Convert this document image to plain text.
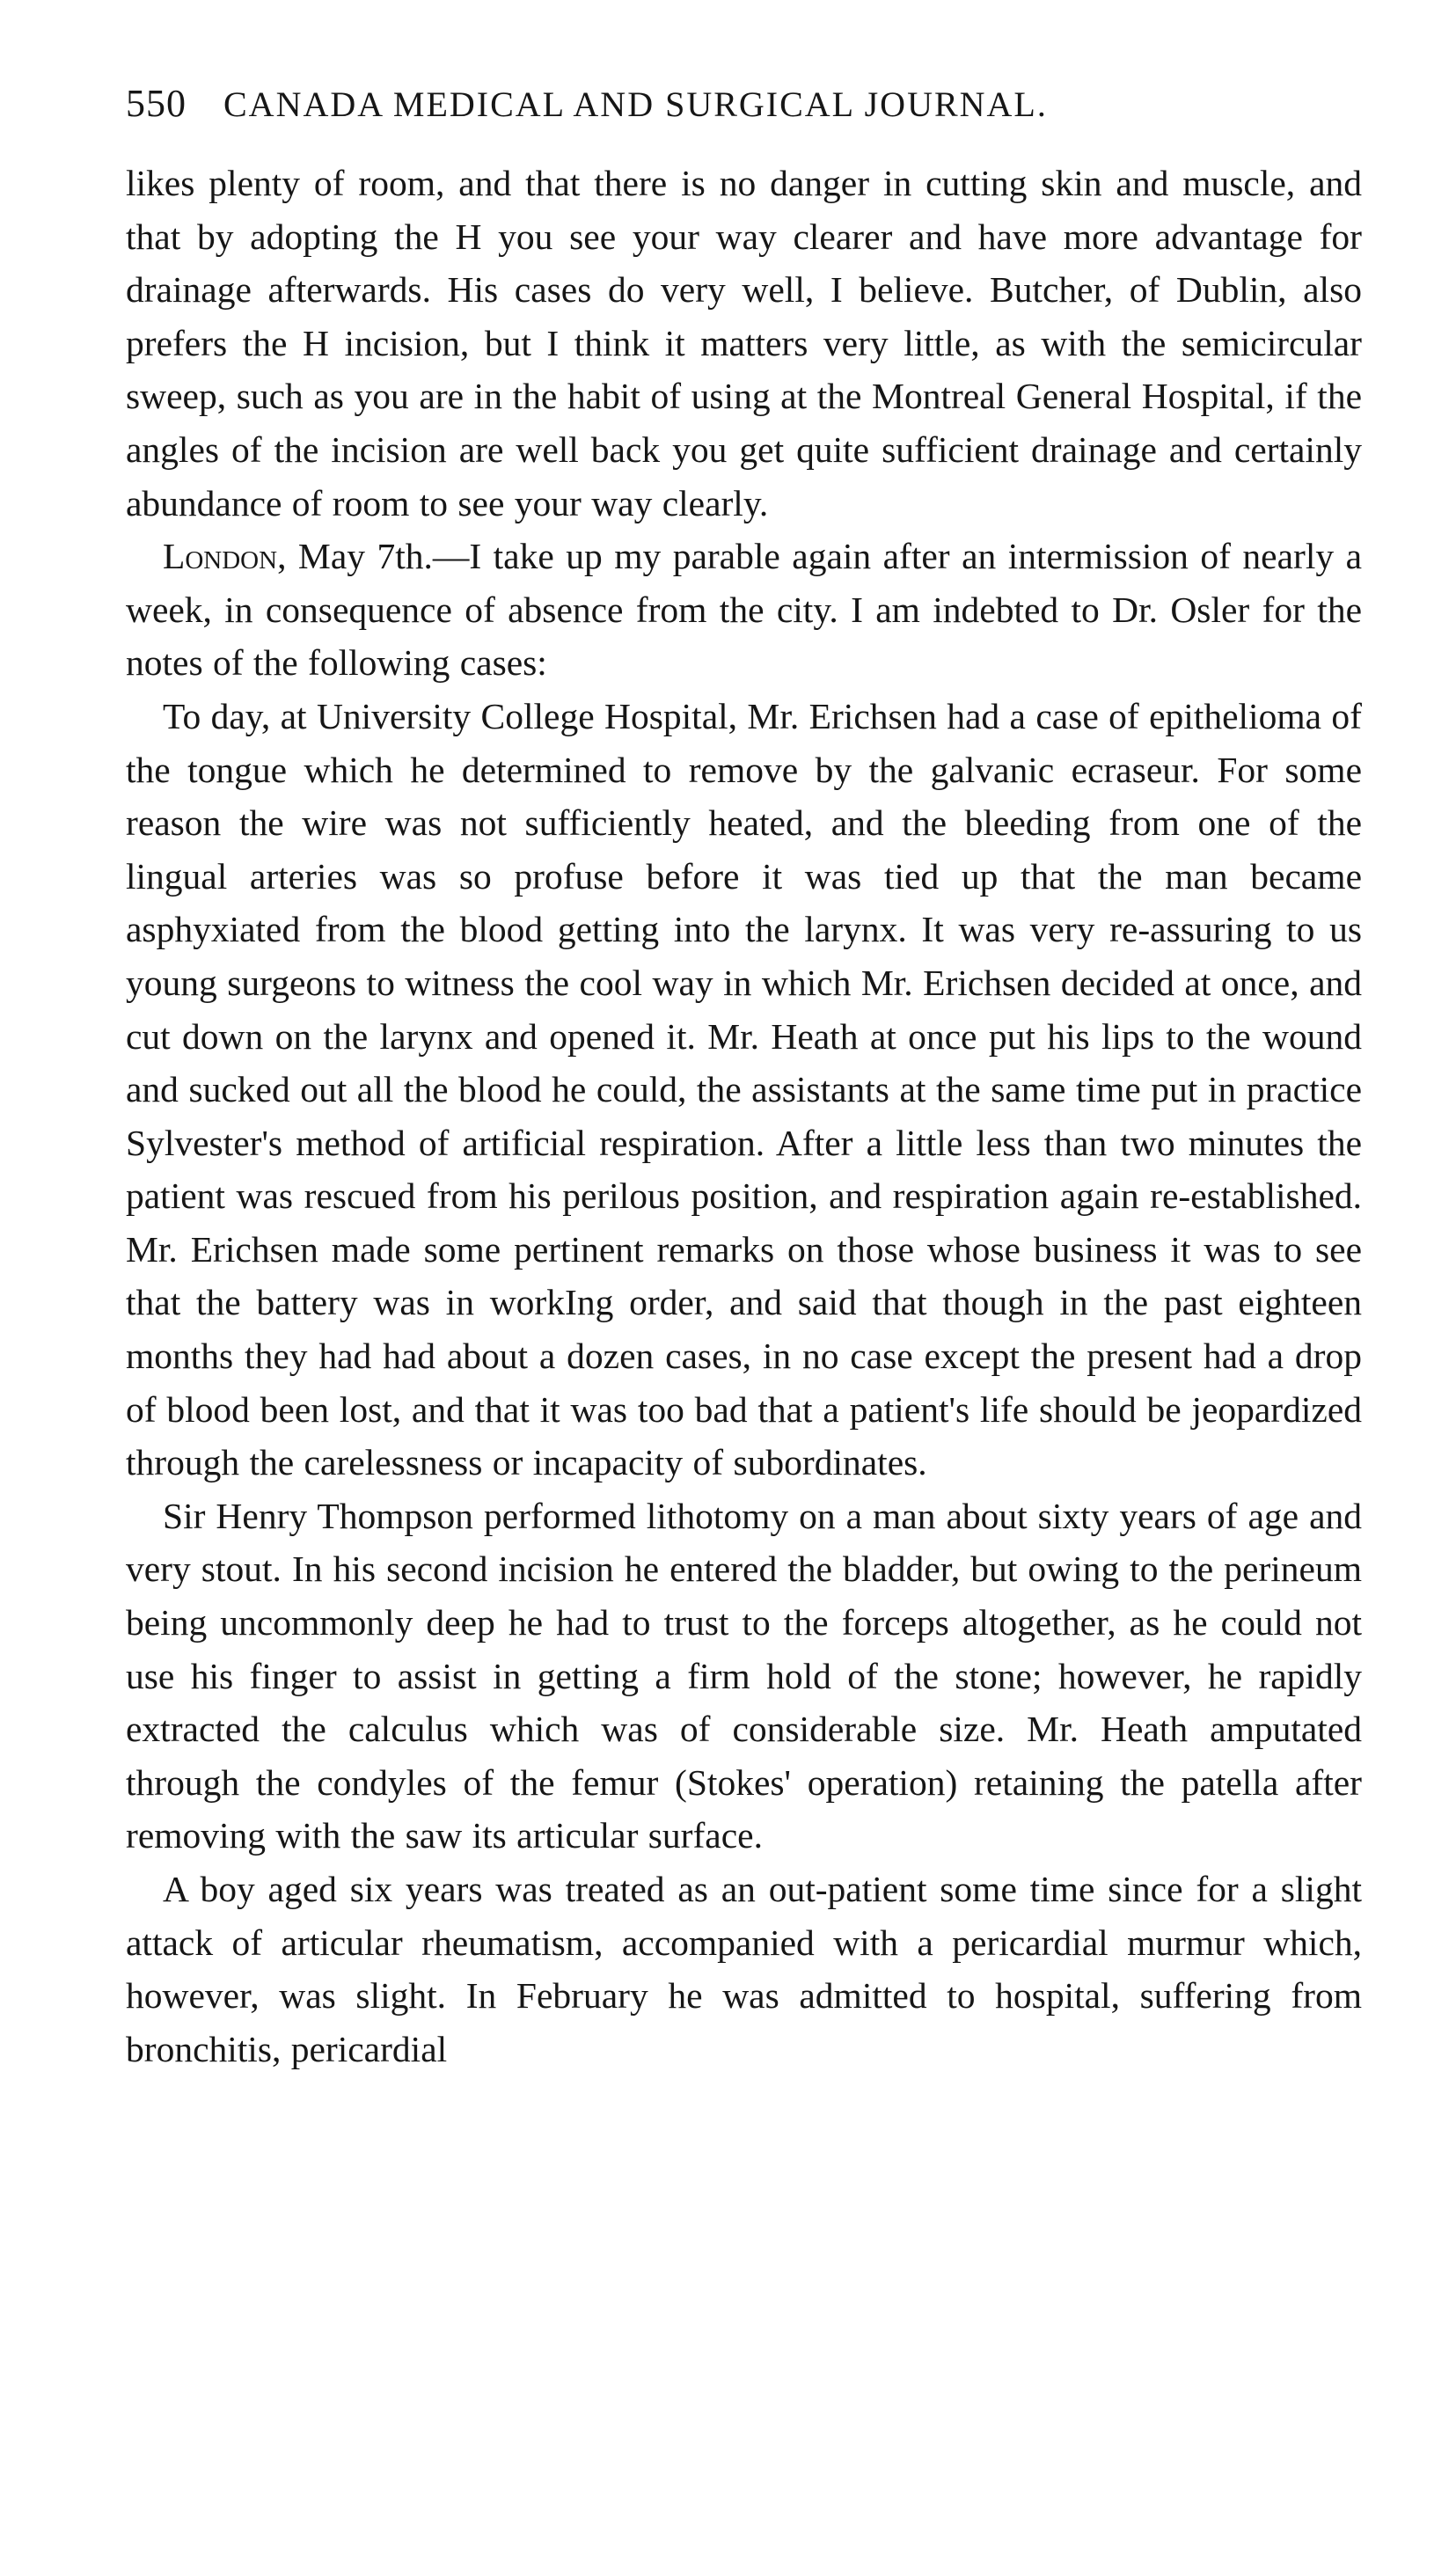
550 CANADA MEDICAL AND SURGICAL JOURNAL.

likes plenty of room, and that there is no danger in cutting skin and muscle, and that by adopting the H you see your way clearer and have more advantage for drainage afterwards. His cases do very well, I believe. Butcher, of Dublin, also prefers the H incision, but I think it matters very little, as with the semicircular sweep, such as you are in the habit of using at the Montreal General Hospital, if the angles of the incision are well back you get quite sufficient drainage and certainly abundance of room to see your way clearly.

London, May 7th.—I take up my parable again after an intermission of nearly a week, in consequence of absence from the city. I am indebted to Dr. Osler for the notes of the following cases:

To day, at University College Hospital, Mr. Erichsen had a case of epithelioma of the tongue which he determined to remove by the galvanic ecraseur. For some reason the wire was not sufficiently heated, and the bleeding from one of the lingual arteries was so profuse before it was tied up that the man became asphyxiated from the blood getting into the larynx. It was very re-assuring to us young surgeons to witness the cool way in which Mr. Erichsen decided at once, and cut down on the larynx and opened it. Mr. Heath at once put his lips to the wound and sucked out all the blood he could, the assistants at the same time put in practice Sylvester's method of artificial respiration. After a little less than two minutes the patient was rescued from his perilous position, and respiration again re-established. Mr. Erichsen made some pertinent remarks on those whose business it was to see that the battery was in workIng order, and said that though in the past eighteen months they had had about a dozen cases, in no case except the present had a drop of blood been lost, and that it was too bad that a patient's life should be jeopardized through the carelessness or incapacity of subordinates.

Sir Henry Thompson performed lithotomy on a man about sixty years of age and very stout. In his second incision he entered the bladder, but owing to the perineum being uncommonly deep he had to trust to the forceps altogether, as he could not use his finger to assist in getting a firm hold of the stone; however, he rapidly extracted the calculus which was of considerable size. Mr. Heath amputated through the condyles of the femur (Stokes' operation) retaining the patella after removing with the saw its articular surface.

A boy aged six years was treated as an out-patient some time since for a slight attack of articular rheumatism, accompanied with a pericardial murmur which, however, was slight. In February he was admitted to hospital, suffering from bronchitis, pericardial
